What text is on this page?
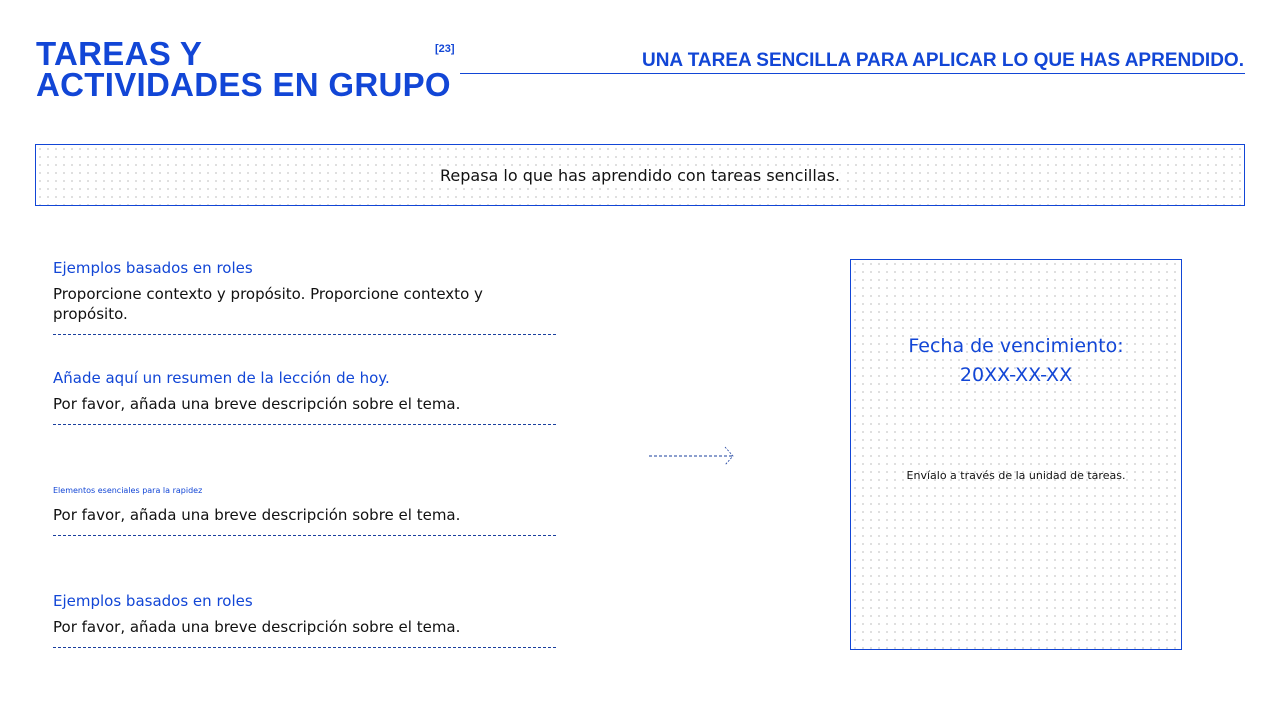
TAREAS Y
ACTIVIDADES EN GRUPO
[23]
UNA TAREA SENCILLA PARA APLICAR LO QUE HAS APRENDIDO.
Repasa lo que has aprendido con tareas sencillas.
Ejemplos basados en roles
Proporcione contexto y propósito. Proporcione contexto y propósito.
Añade aquí un resumen de la lección de hoy.
Por favor, añada una breve descripción sobre el tema.
Elementos esenciales para la rapidez
Por favor, añada una breve descripción sobre el tema.
Ejemplos basados en roles
Por favor, añada una breve descripción sobre el tema.
Fecha de vencimiento:
20XX-XX-XX
Envíalo a través de la unidad de tareas.
